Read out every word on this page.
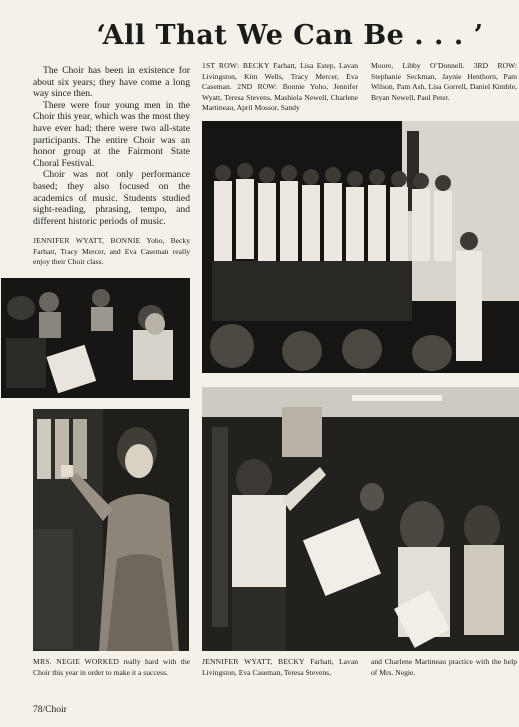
‘All That We Can Be . . . ’

The Choir has been in existence for about six years; they have come a long way since then.

There were four young men in the Choir this year, which was the most they have ever had; there were two all-state participants. The entire Choir was an honor group at the Fairmont State Choral Festival.

Choir was not only performance based; they also focused on the academics of music. Students studied sight-reading, phrasing, tempo, and different historic periods of music.

JENNIFER WYATT, BONNIE Yoho, Becky Farhatt, Tracy Mercer, and Eva Caseman really enjoy their Choir class.
1ST ROW: BECKY Farhatt, Lisa Estep, Lavan Livingston, Kim Wells, Tracy Mercer, Eva Caseman. 2ND ROW: Bonnie Yoho, Jennifer Wyatt, Teresa Stevens, Mashiela Newell, Charlene Martineau, April Mossor, Sandy
Moore, Libby O’Donnell. 3RD ROW: Stephanie Seckman, Jaynie Henthorn, Pam Wilson, Pam Ash, Lisa Gorrell, Daniel Kimble, Bryan Newell, Paul Peter.
MRS. NEGIE WORKED really hard with the Choir this year in order to make it a success.
JENNIFER WYATT, BECKY Farhatt, Lavan Livingston, Eva Caseman, Teresa Stevens,
and Charlene Martineau practice with the help of Mrs. Negie.

78/Choir
